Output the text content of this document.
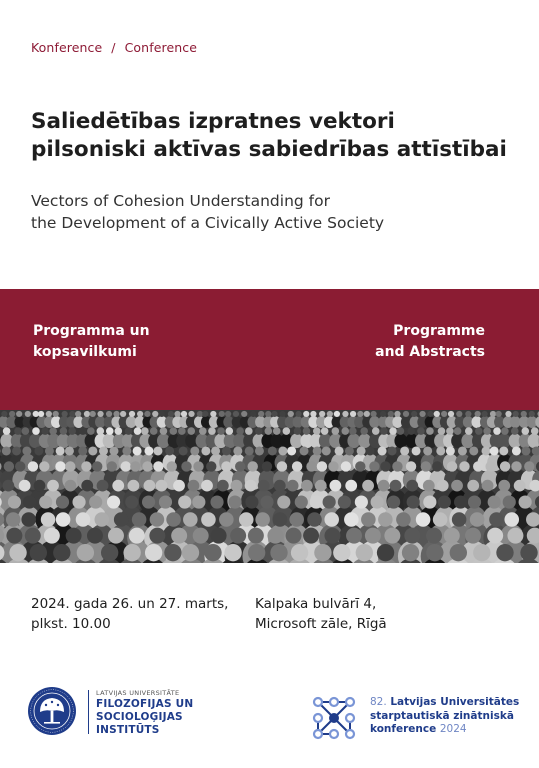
Konference / Conference
Saliedētības izpratnes vektori
pilsoniski aktīvas sabiedrības attīstībai
Vectors of Cohesion Understanding for
the Development of a Civically Active Society
Programma un
kopsavilkumi
Programme
and Abstracts
2024. gada 26. un 27. marts,
plkst. 10.00
Kalpaka bulvārī 4,
Microsoft zāle, Rīgā
LATVIJAS UNIVERSITĀTE
FILOZOFIJAS UN
SOCIOLOĢIJAS
INSTITŪTS
82. Latvijas Universitātes
starptautiskā zinātniskā
konference 2024
